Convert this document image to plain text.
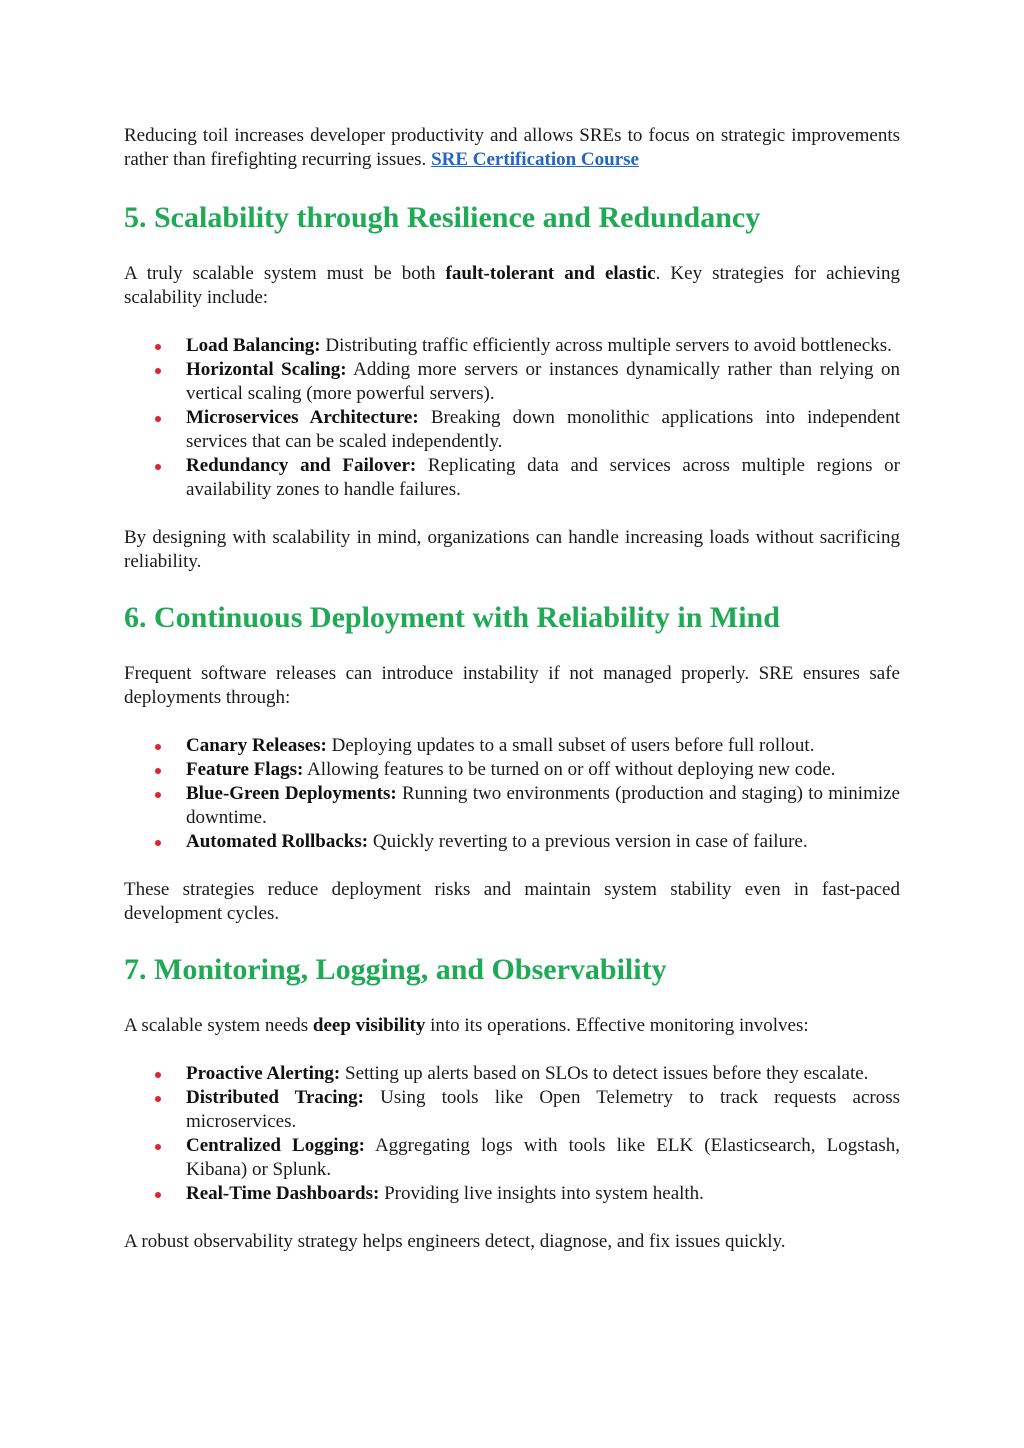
Reducing toil increases developer productivity and allows SREs to focus on strategic improvements rather than firefighting recurring issues. SRE Certification Course

5. Scalability through Resilience and Redundancy

A truly scalable system must be both fault-tolerant and elastic. Key strategies for achieving scalability include:

Load Balancing: Distributing traffic efficiently across multiple servers to avoid bottlenecks.
Horizontal Scaling: Adding more servers or instances dynamically rather than relying on vertical scaling (more powerful servers).
Microservices Architecture: Breaking down monolithic applications into independent services that can be scaled independently.
Redundancy and Failover: Replicating data and services across multiple regions or availability zones to handle failures.

By designing with scalability in mind, organizations can handle increasing loads without sacrificing reliability.

6. Continuous Deployment with Reliability in Mind

Frequent software releases can introduce instability if not managed properly. SRE ensures safe deployments through:

Canary Releases: Deploying updates to a small subset of users before full rollout.
Feature Flags: Allowing features to be turned on or off without deploying new code.
Blue-Green Deployments: Running two environments (production and staging) to minimize downtime.
Automated Rollbacks: Quickly reverting to a previous version in case of failure.

These strategies reduce deployment risks and maintain system stability even in fast-paced development cycles.

7. Monitoring, Logging, and Observability

A scalable system needs deep visibility into its operations. Effective monitoring involves:

Proactive Alerting: Setting up alerts based on SLOs to detect issues before they escalate.
Distributed Tracing: Using tools like Open Telemetry to track requests across microservices.
Centralized Logging: Aggregating logs with tools like ELK (Elasticsearch, Logstash, Kibana) or Splunk.
Real-Time Dashboards: Providing live insights into system health.

A robust observability strategy helps engineers detect, diagnose, and fix issues quickly.
